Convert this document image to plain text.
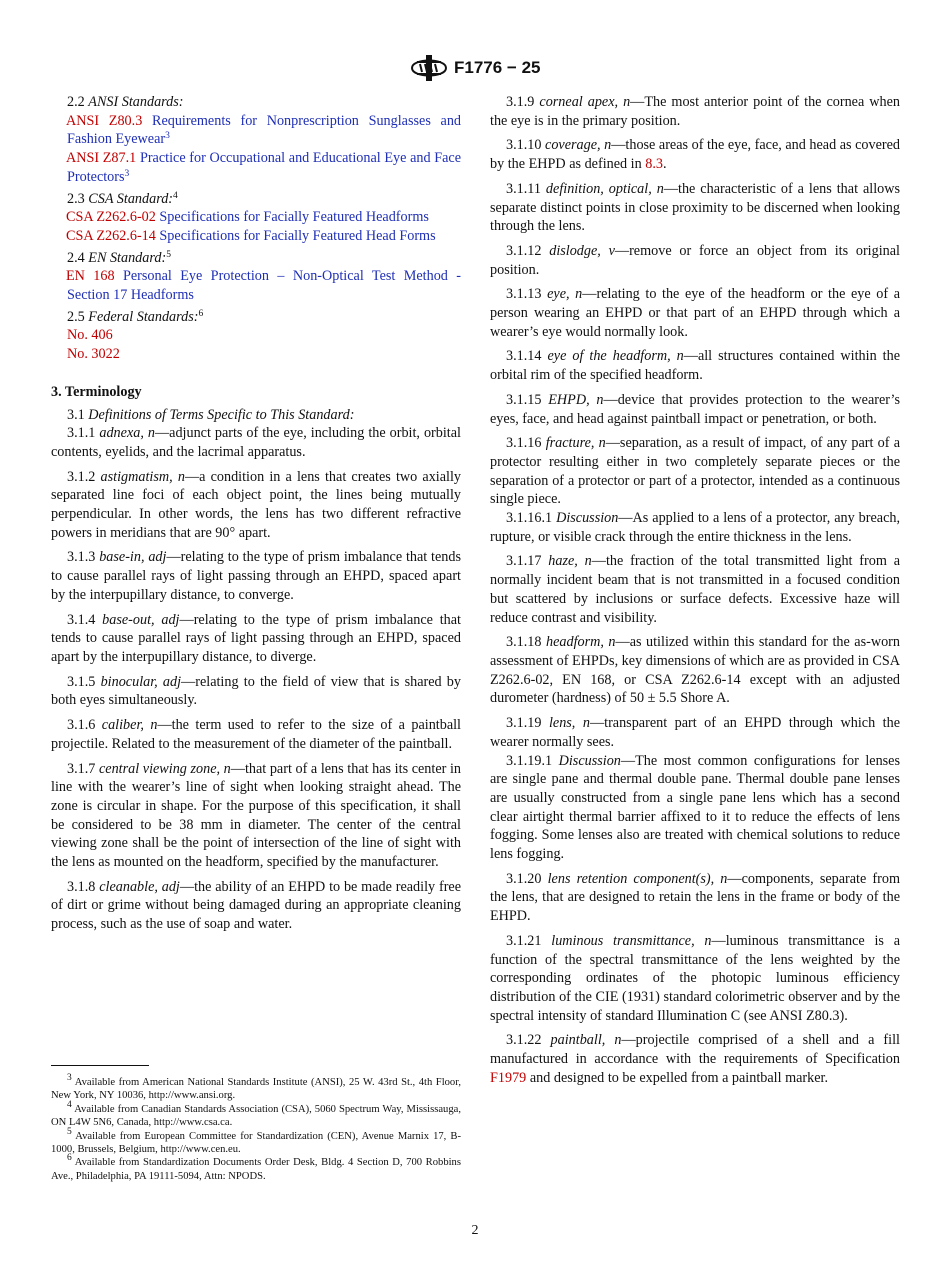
F1776 − 25

2.2 ANSI Standards:

ANSI Z80.3 Requirements for Nonprescription Sunglasses and Fashion Eyewear$^3$

ANSI Z87.1 Practice for Occupational and Educational Eye and Face Protectors$^3$

2.3 CSA Standard:$^4$

CSA Z262.6-02 Specifications for Facially Featured Headforms

CSA Z262.6-14 Specifications for Facially Featured Head Forms

2.4 EN Standard:$^5$

EN 168 Personal Eye Protection – Non-Optical Test Method - Section 17 Headforms

2.5 Federal Standards:$^6$

No. 406

No. 3022

3. Terminology

3.1 Definitions of Terms Specific to This Standard:

3.1.1 adnexa, n—adjunct parts of the eye, including the orbit, orbital contents, eyelids, and the lacrimal apparatus.

3.1.2 astigmatism, n—a condition in a lens that creates two axially separated line foci of each object point, the lines being mutually perpendicular. In other words, the lens has two different refractive powers in meridians that are 90° apart.

3.1.3 base-in, adj—relating to the type of prism imbalance that tends to cause parallel rays of light passing through an EHPD, spaced apart by the interpupillary distance, to converge.

3.1.4 base-out, adj—relating to the type of prism imbalance that tends to cause parallel rays of light passing through an EHPD, spaced apart by the interpupillary distance, to diverge.

3.1.5 binocular, adj—relating to the field of view that is shared by both eyes simultaneously.

3.1.6 caliber, n—the term used to refer to the size of a paintball projectile. Related to the measurement of the diameter of the paintball.

3.1.7 central viewing zone, n—that part of a lens that has its center in line with the wearer’s line of sight when looking straight ahead. The zone is circular in shape. For the purpose of this specification, it shall be considered to be 38 mm in diameter. The center of the central viewing zone shall be the point of intersection of the line of sight with the lens as mounted on the headform, specified by the manufacturer.

3.1.8 cleanable, adj—the ability of an EHPD to be made readily free of dirt or grime without being damaged during an appropriate cleaning process, such as the use of soap and water.

$^3$ Available from American National Standards Institute (ANSI), 25 W. 43rd St., 4th Floor, New York, NY 10036, http://www.ansi.org.

$^4$ Available from Canadian Standards Association (CSA), 5060 Spectrum Way, Mississauga, ON L4W 5N6, Canada, http://www.csa.ca.

$^5$ Available from European Committee for Standardization (CEN), Avenue Marnix 17, B-1000, Brussels, Belgium, http://www.cen.eu.

$^6$ Available from Standardization Documents Order Desk, Bldg. 4 Section D, 700 Robbins Ave., Philadelphia, PA 19111-5094, Attn: NPODS.

3.1.9 corneal apex, n—The most anterior point of the cornea when the eye is in the primary position.

3.1.10 coverage, n—those areas of the eye, face, and head as covered by the EHPD as defined in 8.3.

3.1.11 definition, optical, n—the characteristic of a lens that allows separate distinct points in close proximity to be discerned when looking through the lens.

3.1.12 dislodge, v—remove or force an object from its original position.

3.1.13 eye, n—relating to the eye of the headform or the eye of a person wearing an EHPD or that part of an EHPD through which a wearer’s eye would normally look.

3.1.14 eye of the headform, n—all structures contained within the orbital rim of the specified headform.

3.1.15 EHPD, n—device that provides protection to the wearer’s eyes, face, and head against paintball impact or penetration, or both.

3.1.16 fracture, n—separation, as a result of impact, of any part of a protector resulting either in two completely separate pieces or the separation of a protector or part of a protector, intended as a continuous single piece.

3.1.16.1 Discussion—As applied to a lens of a protector, any breach, rupture, or visible crack through the entire thickness in the lens.

3.1.17 haze, n—the fraction of the total transmitted light from a normally incident beam that is not transmitted in a focused condition but scattered by inclusions or surface defects. Excessive haze will reduce contrast and visibility.

3.1.18 headform, n—as utilized within this standard for the as-worn assessment of EHPDs, key dimensions of which are as provided in CSA Z262.6-02, EN 168, or CSA Z262.6-14 except with an adjusted durometer (hardness) of 50 ± 5.5 Shore A.

3.1.19 lens, n—transparent part of an EHPD through which the wearer normally sees.

3.1.19.1 Discussion—The most common configurations for lenses are single pane and thermal double pane. Thermal double pane lenses are usually constructed from a single pane lens which has a second clear airtight thermal barrier affixed to it to reduce the effects of lens fogging. Some lenses also are treated with chemical solutions to reduce lens fogging.

3.1.20 lens retention component(s), n—components, separate from the lens, that are designed to retain the lens in the frame or body of the EHPD.

3.1.21 luminous transmittance, n—luminous transmittance is a function of the spectral transmittance of the lens weighted by the corresponding ordinates of the photopic luminous efficiency distribution of the CIE (1931) standard colorimetric observer and by the spectral intensity of standard Illumination C (see ANSI Z80.3).

3.1.22 paintball, n—projectile comprised of a shell and a fill manufactured in accordance with the requirements of Specification F1979 and designed to be expelled from a paintball marker.

2
